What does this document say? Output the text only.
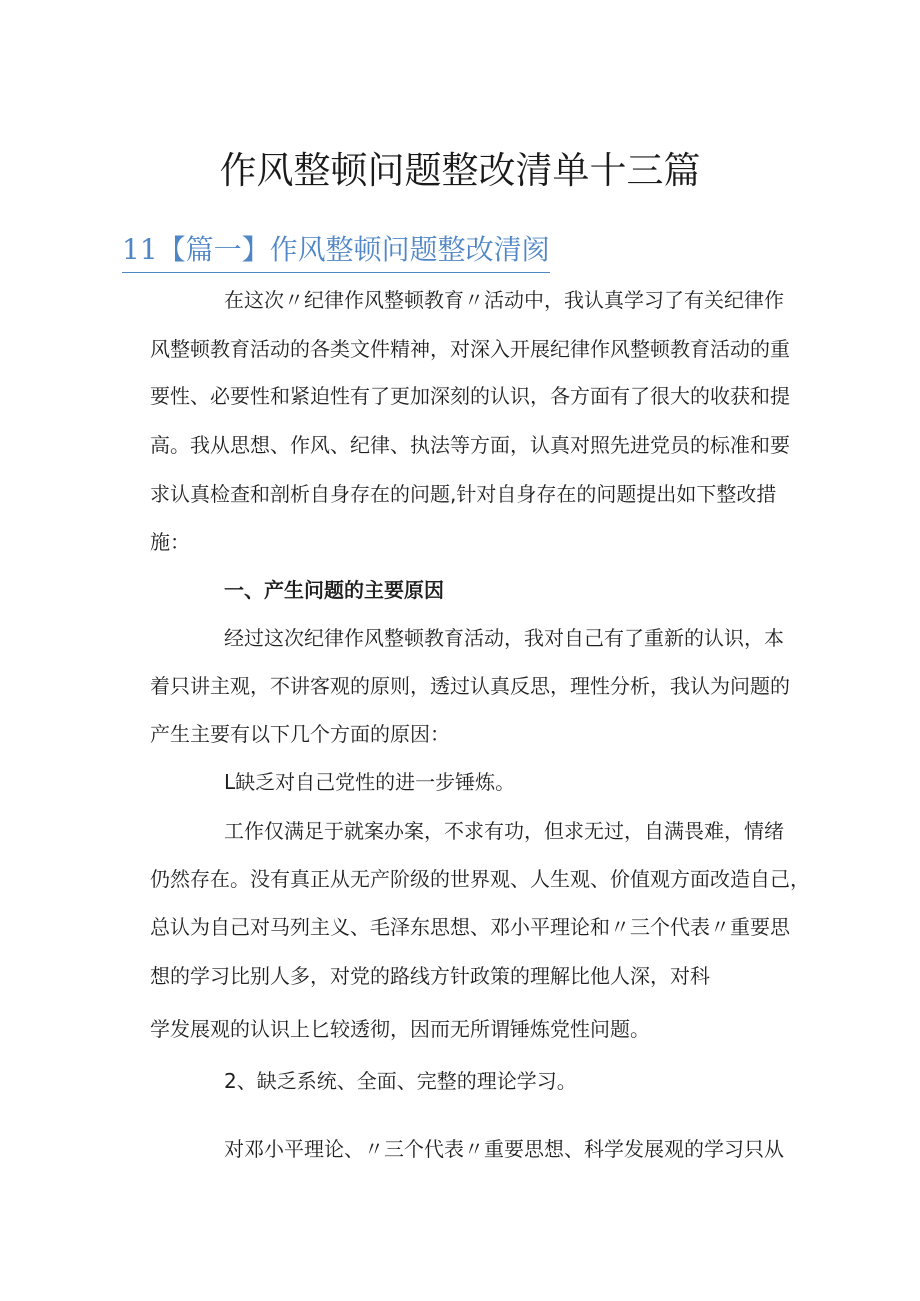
作风整顿问题整改清单十三篇
11【篇一】作风整顿问题整改清阂
在这次〃纪律作风整顿教育〃活动中，我认真学习了有关纪律作
风整顿教育活动的各类文件精神，对深入开展纪律作风整顿教育活动的重
要性、必要性和紧迫性有了更加深刻的认识，各方面有了很大的收获和提
高。我从思想、作风、纪律、执法等方面，认真对照先进党员的标准和要
求认真检查和剖析自身存在的问题,针对自身存在的问题提出如下整改措
施：
一、产生问题的主要原因
经过这次纪律作风整顿教育活动，我对自己有了重新的认识，本
着只讲主观，不讲客观的原则，透过认真反思，理性分析，我认为问题的
产生主要有以下几个方面的原因：
L缺乏对自己党性的进一步锤炼。
工作仅满足于就案办案，不求有功，但求无过，自满畏难，情绪
仍然存在。没有真正从无产阶级的世界观、人生观、价值观方面改造自己，
总认为自己对马列主义、毛泽东思想、邓小平理论和〃三个代表〃重要思
想的学习比别人多，对党的路线方针政策的理解比他人深，对科
学发展观的认识上匕较透彻，因而无所谓锤炼党性问题。
2、缺乏系统、全面、完整的理论学习。
对邓小平理论、〃三个代表〃重要思想、科学发展观的学习只从
